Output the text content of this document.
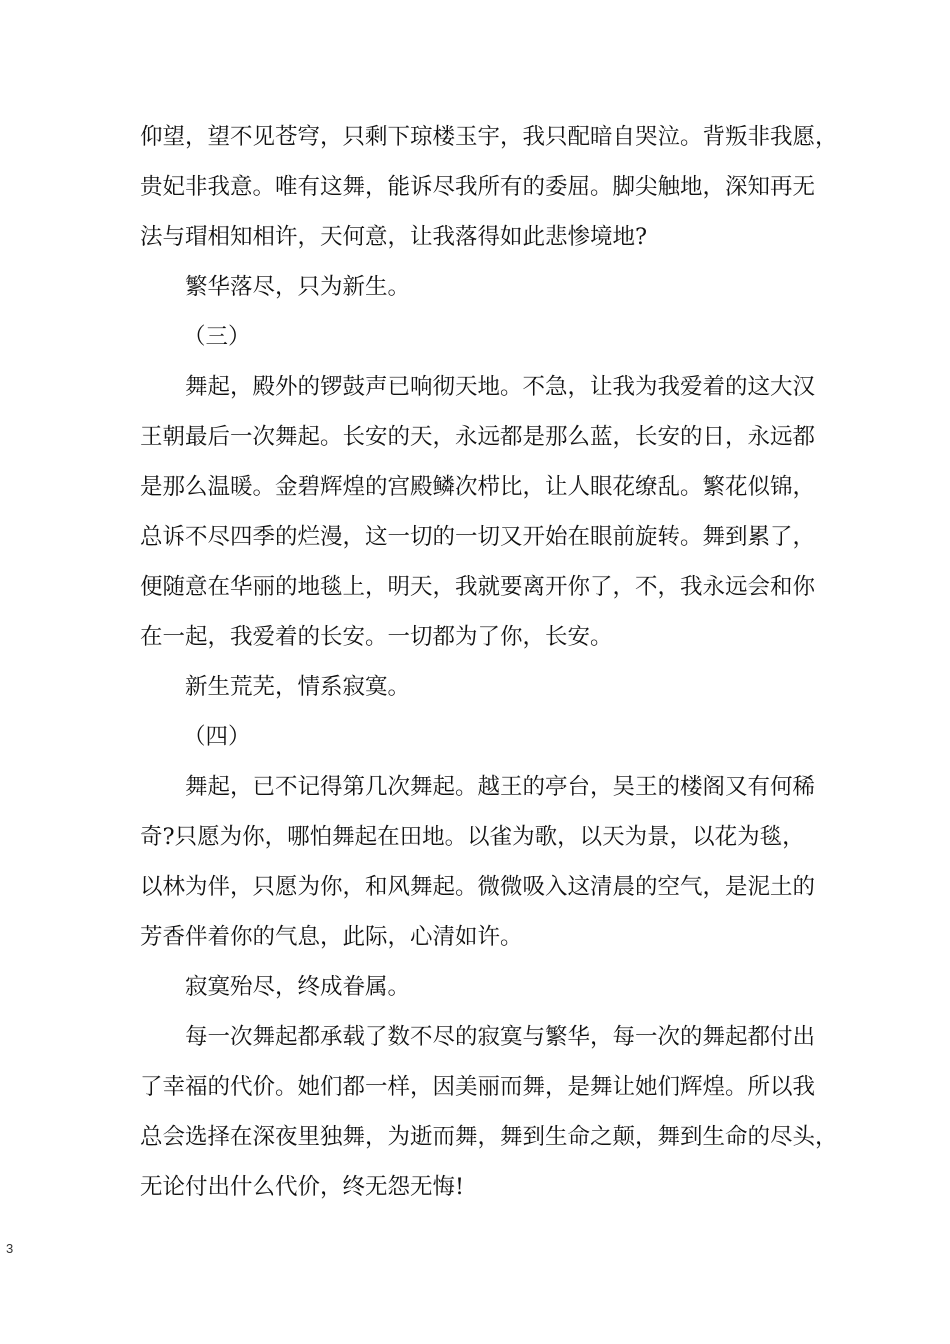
仰望，望不见苍穹，只剩下琼楼玉宇，我只配暗自哭泣。背叛非我愿，

贵妃非我意。唯有这舞，能诉尽我所有的委屈。脚尖触地，深知再无

法与瑁相知相许，天何意，让我落得如此悲惨境地?

繁华落尽，只为新生。

（三）

舞起，殿外的锣鼓声已响彻天地。不急，让我为我爱着的这大汉

王朝最后一次舞起。长安的天，永远都是那么蓝，长安的日，永远都

是那么温暖。金碧辉煌的宫殿鳞次栉比，让人眼花缭乱。繁花似锦，

总诉不尽四季的烂漫，这一切的一切又开始在眼前旋转。舞到累了，

便随意在华丽的地毯上，明天，我就要离开你了，不，我永远会和你

在一起，我爱着的长安。一切都为了你，长安。

新生荒芜，情系寂寞。

（四）

舞起，已不记得第几次舞起。越王的亭台，吴王的楼阁又有何稀

奇?只愿为你，哪怕舞起在田地。以雀为歌，以天为景，以花为毯，

以林为伴，只愿为你，和风舞起。微微吸入这清晨的空气，是泥土的

芳香伴着你的气息，此际，心清如许。

寂寞殆尽，终成眷属。

每一次舞起都承载了数不尽的寂寞与繁华，每一次的舞起都付出

了幸福的代价。她们都一样，因美丽而舞，是舞让她们辉煌。所以我

总会选择在深夜里独舞，为逝而舞，舞到生命之颠，舞到生命的尽头，

无论付出什么代价，终无怨无悔!

3
